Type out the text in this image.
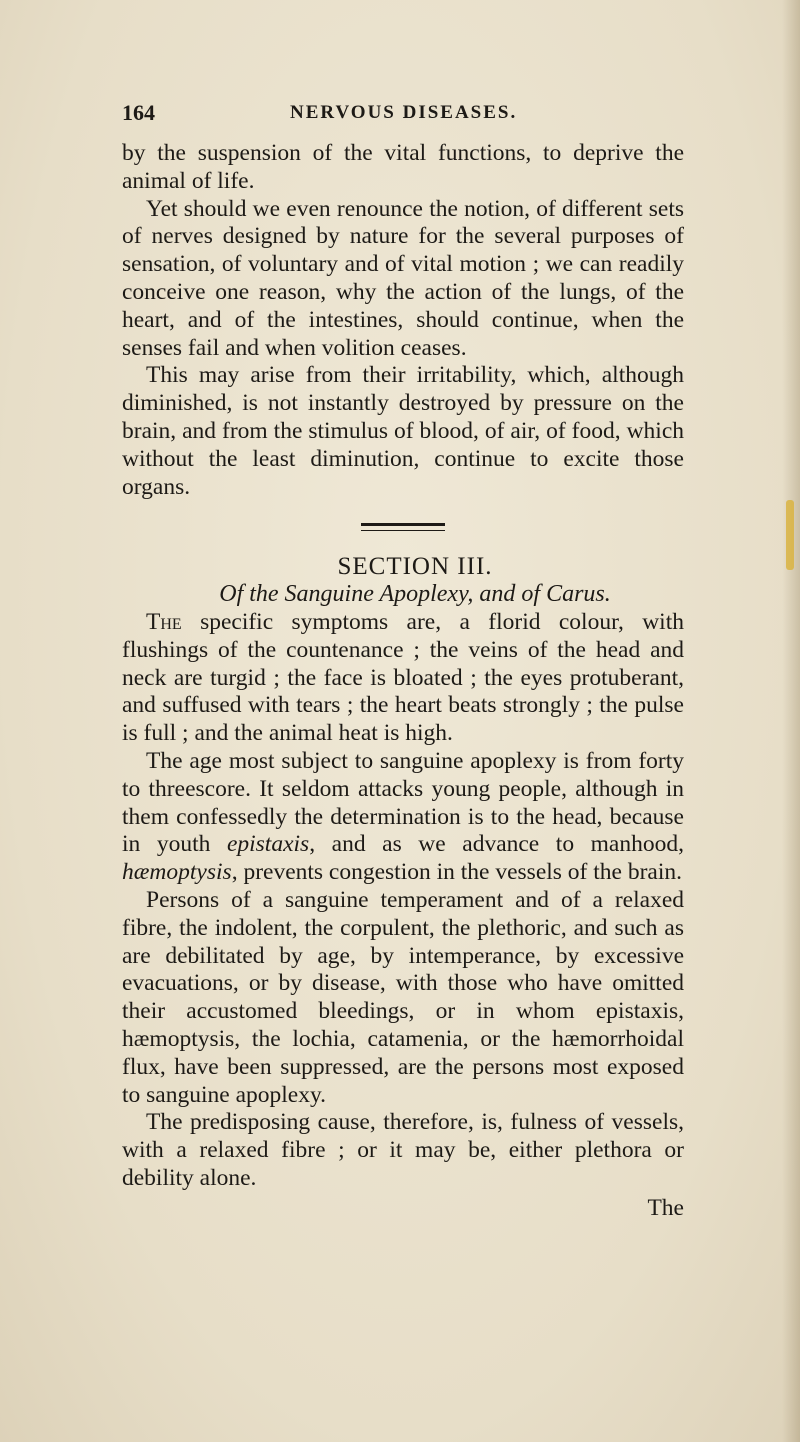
164	NERVOUS DISEASES.

by the suspension of the vital functions, to deprive the animal of life.

Yet should we even renounce the notion, of different sets of nerves designed by nature for the several purposes of sensation, of voluntary and of vital motion ; we can readily conceive one reason, why the action of the lungs, of the heart, and of the intestines, should continue, when the senses fail and when volition ceases.

This may arise from their irritability, which, although diminished, is not instantly destroyed by pressure on the brain, and from the stimulus of blood, of air, of food, which without the least diminution, continue to excite those organs.

SECTION III.

Of the Sanguine Apoplexy, and of Carus.

The specific symptoms are, a florid colour, with flushings of the countenance ; the veins of the head and neck are turgid ; the face is bloated ; the eyes protuberant, and suffused with tears ; the heart beats strongly ; the pulse is full ; and the animal heat is high.

The age most subject to sanguine apoplexy is from forty to threescore. It seldom attacks young people, although in them confessedly the determination is to the head, because in youth epistaxis, and as we advance to manhood, hæmoptysis, prevents congestion in the vessels of the brain.

Persons of a sanguine temperament and of a relaxed fibre, the indolent, the corpulent, the plethoric, and such as are debilitated by age, by intemperance, by excessive evacuations, or by disease, with those who have omitted their accustomed bleedings, or in whom epistaxis, hæmoptysis, the lochia, catamenia, or the hæmorrhoidal flux, have been suppressed, are the persons most exposed to sanguine apoplexy.

The predisposing cause, therefore, is, fulness of vessels, with a relaxed fibre ; or it may be, either plethora or debility alone.

The
